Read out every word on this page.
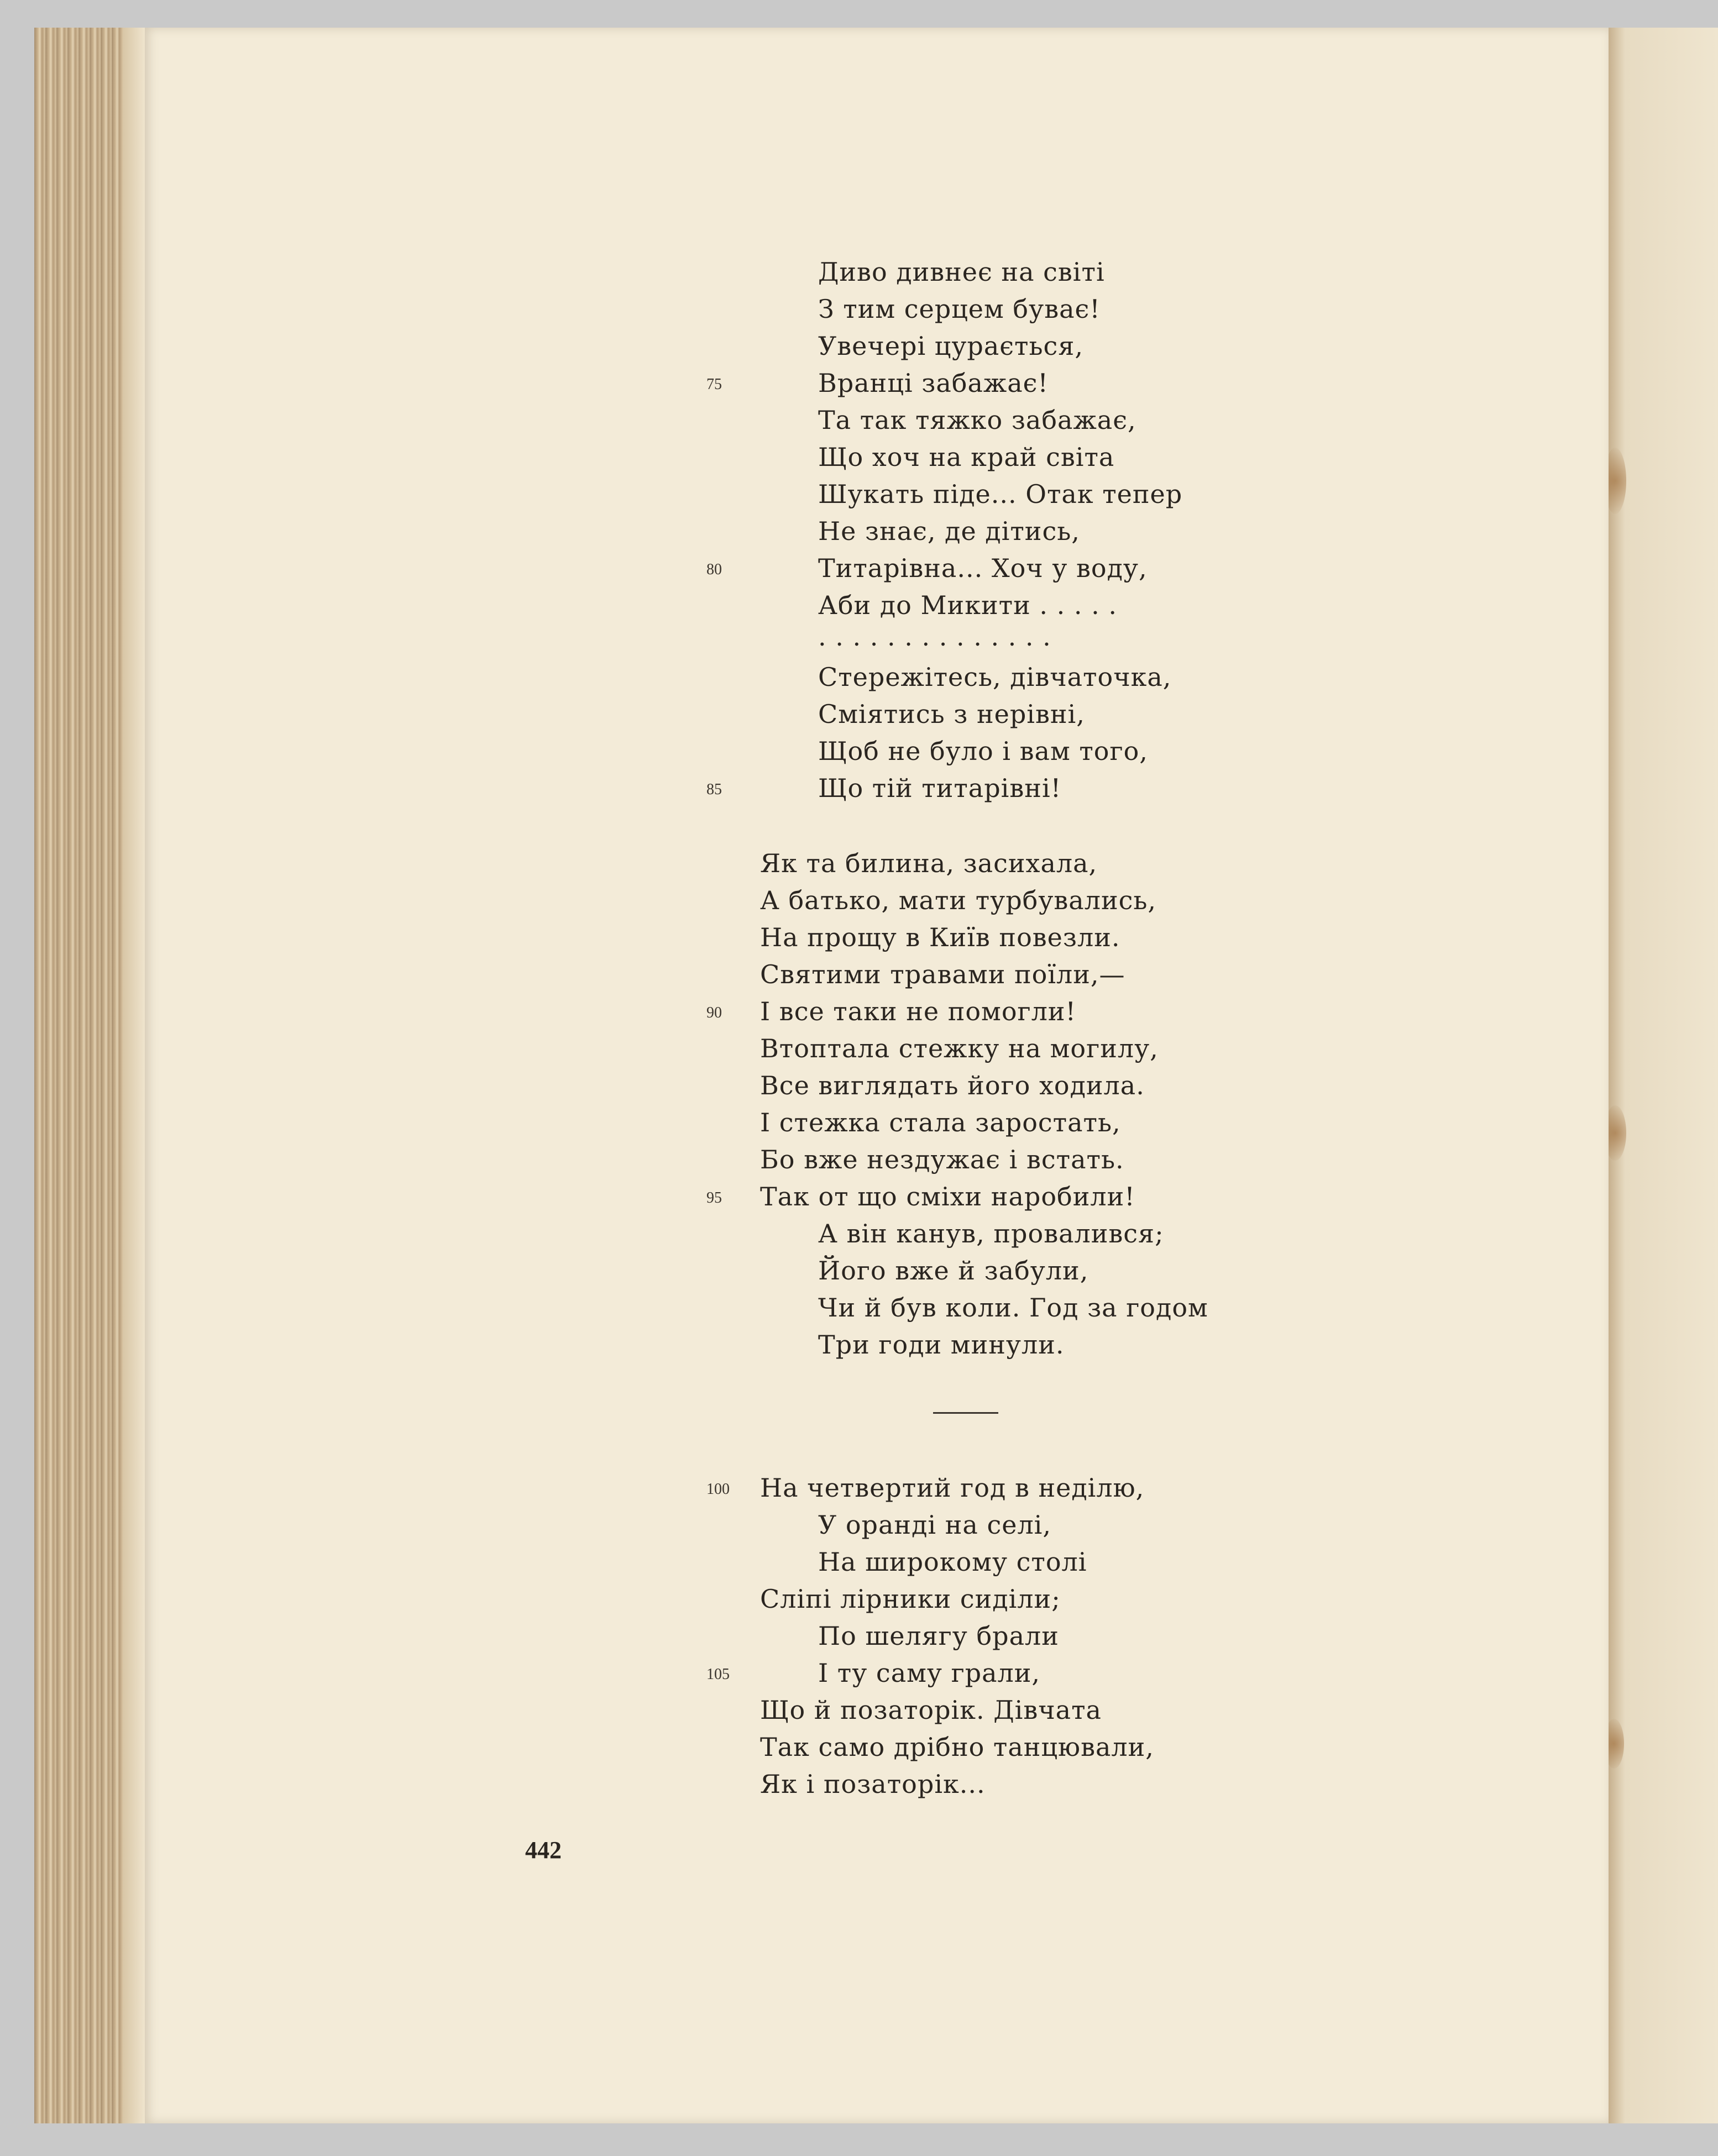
Диво дивнеє на світі
З тим серцем буває!
Увечері цурається,
Вранці забажає!
Та так тяжко забажає,
Що хоч на край світа
Шукать піде... Отак тепер
Не знає, де дітись,
Титарівна... Хоч у воду,
Аби до Микити . . . . .
. . . . . . . . . . . . . .
Стережітесь, дівчаточка,
Сміятись з нерівні,
Щоб не було і вам того,
Що тій титарівні!
Як та билина, засихала,
А батько, мати турбувались,
На прощу в Київ повезли.
Святими травами поїли,—
І все таки не помогли!
Втоптала стежку на могилу,
Все виглядать його ходила.
І стежка стала заростать,
Бо вже нездужає і встать.
Так от що сміхи наробили!
А він канув, провалився;
Його вже й забули,
Чи й був коли. Год за годом
Три годи минули.
На четвертий год в неділю,
У оранді на селі,
На широкому столі
Сліпі лірники сиділи;
По шелягу брали
І ту саму грали,
Що й позаторік. Дівчата
Так само дрібно танцювали,
Як і позаторік...
75
80
85
90
95
100
105
442
